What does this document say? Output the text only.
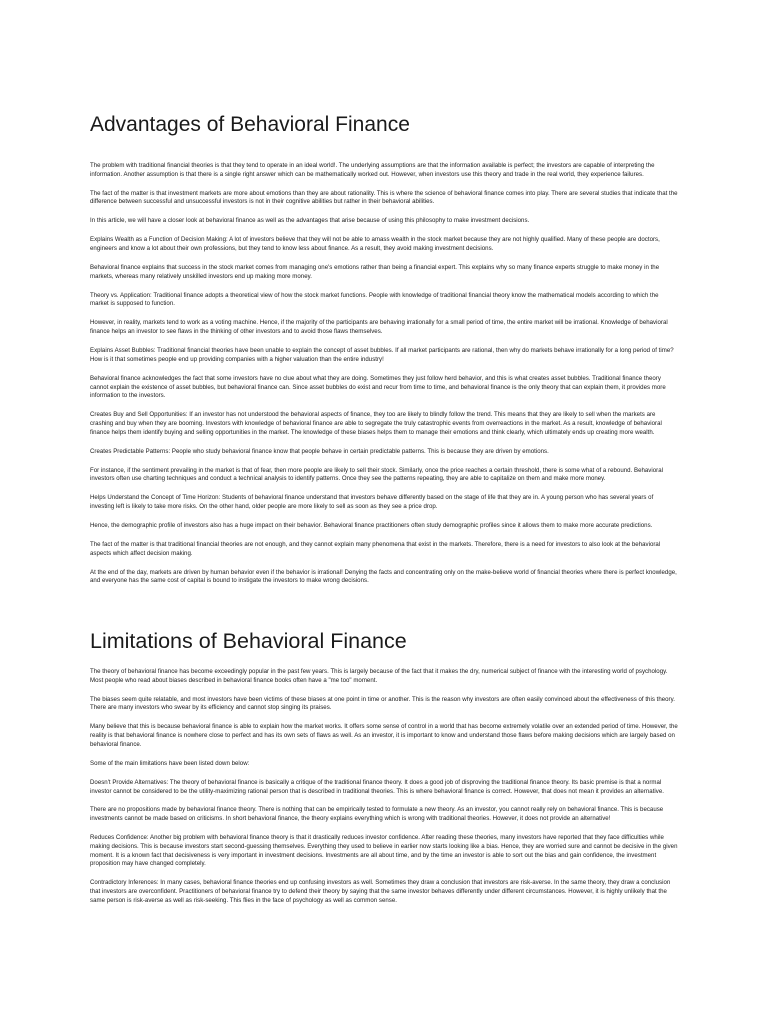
Advantages of Behavioral Finance

The problem with traditional financial theories is that they tend to operate in an ideal world!. The underlying assumptions are that the information available is perfect; the investors are capable of interpreting the information. Another assumption is that there is a single right answer which can be mathematically worked out. However, when investors use this theory and trade in the real world, they experience failures.

The fact of the matter is that investment markets are more about emotions than they are about rationality. This is where the science of behavioral finance comes into play. There are several studies that indicate that the difference between successful and unsuccessful investors is not in their cognitive abilities but rather in their behavioral abilities.

In this article, we will have a closer look at behavioral finance as well as the advantages that arise because of using this philosophy to make investment decisions.

Explains Wealth as a Function of Decision Making: A lot of investors believe that they will not be able to amass wealth in the stock market because they are not highly qualified. Many of these people are doctors, engineers and know a lot about their own professions, but they tend to know less about finance. As a result, they avoid making investment decisions.

Behavioral finance explains that success in the stock market comes from managing one's emotions rather than being a financial expert. This explains why so many finance experts struggle to make money in the markets, whereas many relatively unskilled investors end up making more money.

Theory vs. Application: Traditional finance adopts a theoretical view of how the stock market functions. People with knowledge of traditional financial theory know the mathematical models according to which the market is supposed to function.

However, in reality, markets tend to work as a voting machine. Hence, if the majority of the participants are behaving irrationally for a small period of time, the entire market will be irrational. Knowledge of behavioral finance helps an investor to see flaws in the thinking of other investors and to avoid those flaws themselves.

Explains Asset Bubbles: Traditional financial theories have been unable to explain the concept of asset bubbles. If all market participants are rational, then why do markets behave irrationally for a long period of time? How is it that sometimes people end up providing companies with a higher valuation than the entire industry!

Behavioral finance acknowledges the fact that some investors have no clue about what they are doing. Sometimes they just follow herd behavior, and this is what creates asset bubbles. Traditional finance theory cannot explain the existence of asset bubbles, but behavioral finance can. Since asset bubbles do exist and recur from time to time, and behavioral finance is the only theory that can explain them, it provides more information to the investors.

Creates Buy and Sell Opportunities: If an investor has not understood the behavioral aspects of finance, they too are likely to blindly follow the trend. This means that they are likely to sell when the markets are crashing and buy when they are booming. Investors with knowledge of behavioral finance are able to segregate the truly catastrophic events from overreactions in the market. As a result, knowledge of behavioral finance helps them identify buying and selling opportunities in the market. The knowledge of these biases helps them to manage their emotions and think clearly, which ultimately ends up creating more wealth.

Creates Predictable Patterns: People who study behavioral finance know that people behave in certain predictable patterns. This is because they are driven by emotions.

For instance, if the sentiment prevailing in the market is that of fear, then more people are likely to sell their stock. Similarly, once the price reaches a certain threshold, there is some what of a rebound. Behavioral investors often use charting techniques and conduct a technical analysis to identify patterns. Once they see the patterns repeating, they are able to capitalize on them and make more money.

Helps Understand the Concept of Time Horizon: Students of behavioral finance understand that investors behave differently based on the stage of life that they are in. A young person who has several years of investing left is likely to take more risks. On the other hand, older people are more likely to sell as soon as they see a price drop.

Hence, the demographic profile of investors also has a huge impact on their behavior. Behavioral finance practitioners often study demographic profiles since it allows them to make more accurate predictions.

The fact of the matter is that traditional financial theories are not enough, and they cannot explain many phenomena that exist in the markets. Therefore, there is a need for investors to also look at the behavioral aspects which affect decision making.

At the end of the day, markets are driven by human behavior even if the behavior is irrational! Denying the facts and concentrating only on the make-believe world of financial theories where there is perfect knowledge, and everyone has the same cost of capital is bound to instigate the investors to make wrong decisions.

Limitations of Behavioral Finance

The theory of behavioral finance has become exceedingly popular in the past few years. This is largely because of the fact that it makes the dry, numerical subject of finance with the interesting world of psychology. Most people who read about biases described in behavioral finance books often have a "me too" moment.

The biases seem quite relatable, and most investors have been victims of these biases at one point in time or another. This is the reason why investors are often easily convinced about the effectiveness of this theory. There are many investors who swear by its efficiency and cannot stop singing its praises.

Many believe that this is because behavioral finance is able to explain how the market works. It offers some sense of control in a world that has become extremely volatile over an extended period of time. However, the reality is that behavioral finance is nowhere close to perfect and has its own sets of flaws as well. As an investor, it is important to know and understand those flaws before making decisions which are largely based on behavioral finance.

Some of the main limitations have been listed down below:

Doesn't Provide Alternatives: The theory of behavioral finance is basically a critique of the traditional finance theory. It does a good job of disproving the traditional finance theory. Its basic premise is that a normal investor cannot be considered to be the utility-maximizing rational person that is described in traditional theories. This is where behavioral finance is correct. However, that does not mean it provides an alternative.

There are no propositions made by behavioral finance theory. There is nothing that can be empirically tested to formulate a new theory. As an investor, you cannot really rely on behavioral finance. This is because investments cannot be made based on criticisms. In short behavioral finance, the theory explains everything which is wrong with traditional theories. However, it does not provide an alternative!

Reduces Confidence: Another big problem with behavioral finance theory is that it drastically reduces investor confidence. After reading these theories, many investors have reported that they face difficulties while making decisions. This is because investors start second-guessing themselves. Everything they used to believe in earlier now starts looking like a bias. Hence, they are worried sure and cannot be decisive in the given moment. It is a known fact that decisiveness is very important in investment decisions. Investments are all about time, and by the time an investor is able to sort out the bias and gain confidence, the investment proposition may have changed completely.

Contradictory Inferences: In many cases, behavioral finance theories end up confusing investors as well. Sometimes they draw a conclusion that investors are risk-averse. In the same theory, they draw a conclusion that investors are overconfident. Practitioners of behavioral finance try to defend their theory by saying that the same investor behaves differently under different circumstances. However, it is highly unlikely that the same person is risk-averse as well as risk-seeking. This flies in the face of psychology as well as common sense.
